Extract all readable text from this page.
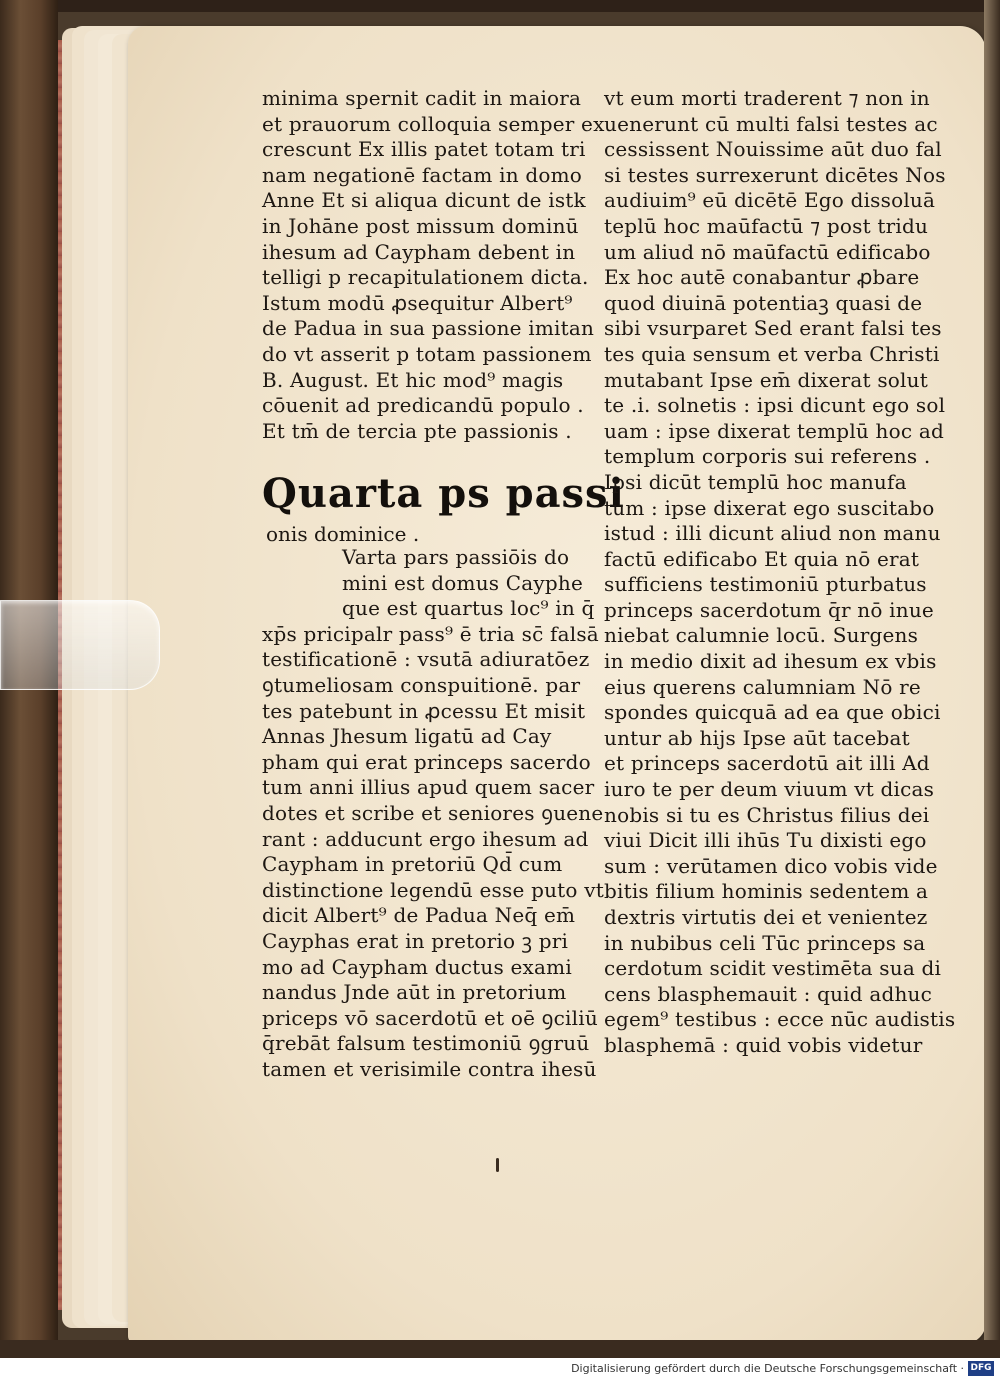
minima spernit cadit in maiora
et prauorum colloquia semper ex
crescunt Ex illis patet totam tri
nam negationē factam in domo
Anne Et si aliqua dicunt de istk
in Johāne post missum dominū
ihesum ad Caypham debent in
telligi p recapitulationem dicta.
Istum modū ꝓsequitur Albert⁹
de Padua in sua passione imitan
do vt asserit p totam passionem
B. August. Et hic mod⁹ magis
cōuenit ad predicandū populo .
Et tm̄ de tercia pte passionis .
Quarta ps passi
onis dominice .
Varta pars passiōis do
mini est domus Cayphe
que est quartus loc⁹ in q̄
xp̄s pricipalr pass⁹ ē tria sc̄ falsā
testificationē : vsutā adiuratōez
ꝯtumeliosam conspuitionē. par
tes patebunt in ꝓcessu Et misit
Annas Jhesum ligatū ad Cay
pham qui erat princeps sacerdo
tum anni illius apud quem sacer
dotes et scribe et seniores ꝯuene
rant : adducunt ergo ihesum ad
Caypham in pretoriū Qd̄ cum
distinctione legendū esse puto vt
dicit Albert⁹ de Padua Neq̄ em̄
Cayphas erat in pretorio ꝫ pri
mo ad Caypham ductus exami
nandus Jnde aūt in pretorium
priceps vō sacerdotū et oē ꝯciliū
q̄rebāt falsum testimoniū ꝯgruū
tamen et verisimile contra ihesū
vt eum morti traderent ⁊ non in
uenerunt cū multi falsi testes ac
cessissent Nouissime aūt duo fal
si testes surrexerunt dicētes Nos
audiuim⁹ eū dicētē Ego dissoluā
teplū hoc maūfactū ⁊ post tridu
um aliud nō maūfactū edificabo
Ex hoc autē conabantur ꝓbare
quod diuinā potentiaꝫ quasi de
sibi vsurparet Sed erant falsi tes
tes quia sensum et verba Christi
mutabant Ipse em̄ dixerat solut
te .i. solnetis : ipsi dicunt ego sol
uam : ipse dixerat templū hoc ad
templum corporis sui referens .
Ipsi dicūt templū hoc manufa
tum : ipse dixerat ego suscitabo
istud : illi dicunt aliud non manu
factū edificabo Et quia nō erat
sufficiens testimoniū pturbatus
princeps sacerdotum q̄r nō inue
niebat calumnie locū. Surgens
in medio dixit ad ihesum ex vbis
eius querens calumniam Nō re
spondes quicquā ad ea que obici
untur ab hijs Ipse aūt tacebat
et princeps sacerdotū ait illi Ad
iuro te per deum viuum vt dicas
nobis si tu es Christus filius dei
viui Dicit illi ihūs Tu dixisti ego
sum : verūtamen dico vobis vide
bitis filium hominis sedentem a
dextris virtutis dei et venientez
in nubibus celi Tūc princeps sa
cerdotum scidit vestimēta sua di
cens blasphemauit : quid adhuc
egem⁹ testibus : ecce nūc audistis
blasphemā : quid vobis videtur
Digitalisierung gefördert durch die Deutsche Forschungsgemeinschaft · DFG
